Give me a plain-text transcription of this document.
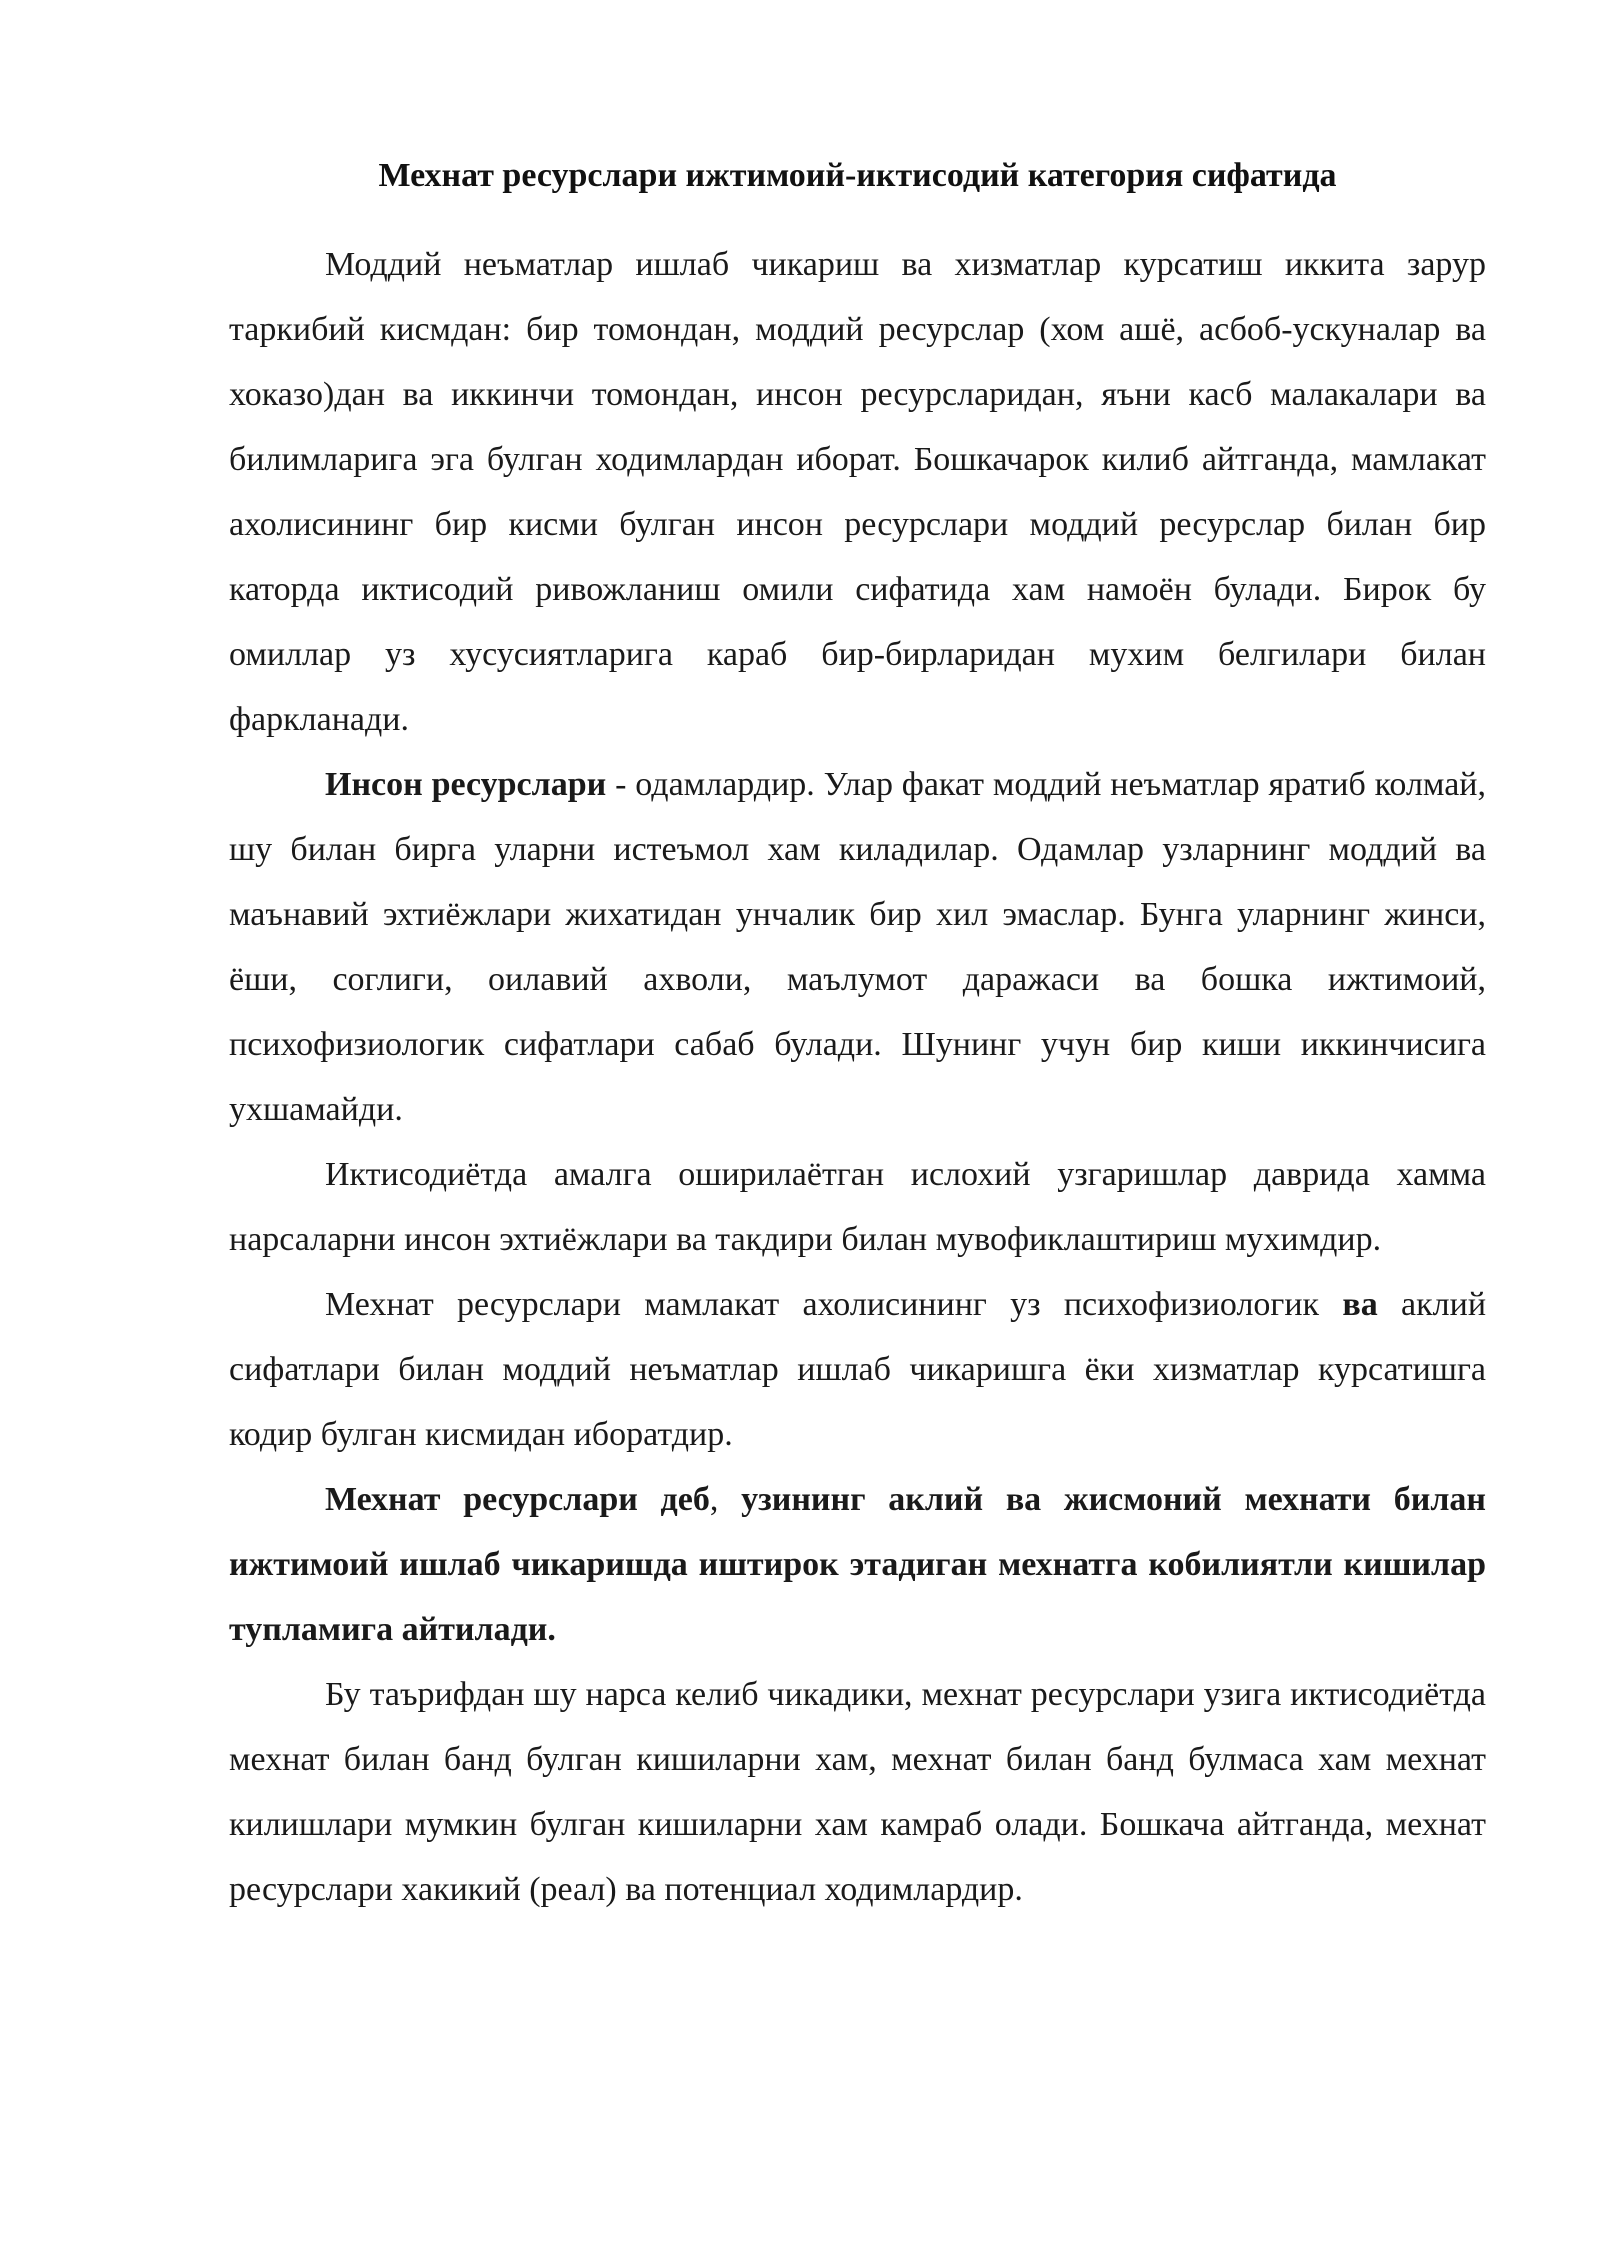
Мехнат ресурслари ижтимоий-иктисодий категория сифатида

Моддий неъматлар ишлаб чикариш ва хизматлар курсатиш иккита зарур таркибий кисмдан: бир томондан, моддий ресурслар (хом ашё, асбоб-ускуналар ва хоказо)дан ва иккинчи томондан, инсон ресурсларидан, яъни касб малакалари ва билимларига эга булган ходимлардан иборат. Бошкачарок килиб айтганда, мамлакат ахолисининг бир кисми булган инсон ресурслари моддий ресурслар билан бир каторда иктисодий ривожланиш омили сифатида хам намоён булади. Бирок бу омиллар уз хусусиятларига караб бир-бирларидан мухим белгилари билан фаркланади.

Инсон ресурслари - одамлардир. Улар факат моддий неъматлар яратиб колмай, шу билан бирга уларни истеъмол хам киладилар. Одамлар узларнинг моддий ва маънавий эхтиёжлари жихатидан унчалик бир хил эмаслар. Бунга уларнинг жинси, ёши, соглиги, оилавий ахволи, маълумот даражаси ва бошка ижтимоий, психофизиологик сифатлари сабаб булади. Шунинг учун бир киши иккинчисига ухшамайди.

Иктисодиётда амалга оширилаётган ислохий узгаришлар даврида хамма нарсаларни инсон эхтиёжлари ва такдири билан мувофиклаштириш мухимдир.

Мехнат ресурслари мамлакат ахолисининг уз психофизиологик ва аклий сифатлари билан моддий неъматлар ишлаб чикаришга ёки хизматлар курсатишга кодир булган кисмидан иборатдир.

Мехнат ресурслари деб, узининг аклий ва жисмоний мехнати билан ижтимоий ишлаб чикаришда иштирок этадиган мехнатга кобилиятли кишилар тупламига айтилади.

Бу таърифдан шу нарса келиб чикадики, мехнат ресурслари узига иктисодиётда мехнат билан банд булган кишиларни хам, мехнат билан банд булмаса хам мехнат килишлари мумкин булган кишиларни хам камраб олади. Бошкача айтганда, мехнат ресурслари хакикий (реал) ва потенциал ходимлардир.
